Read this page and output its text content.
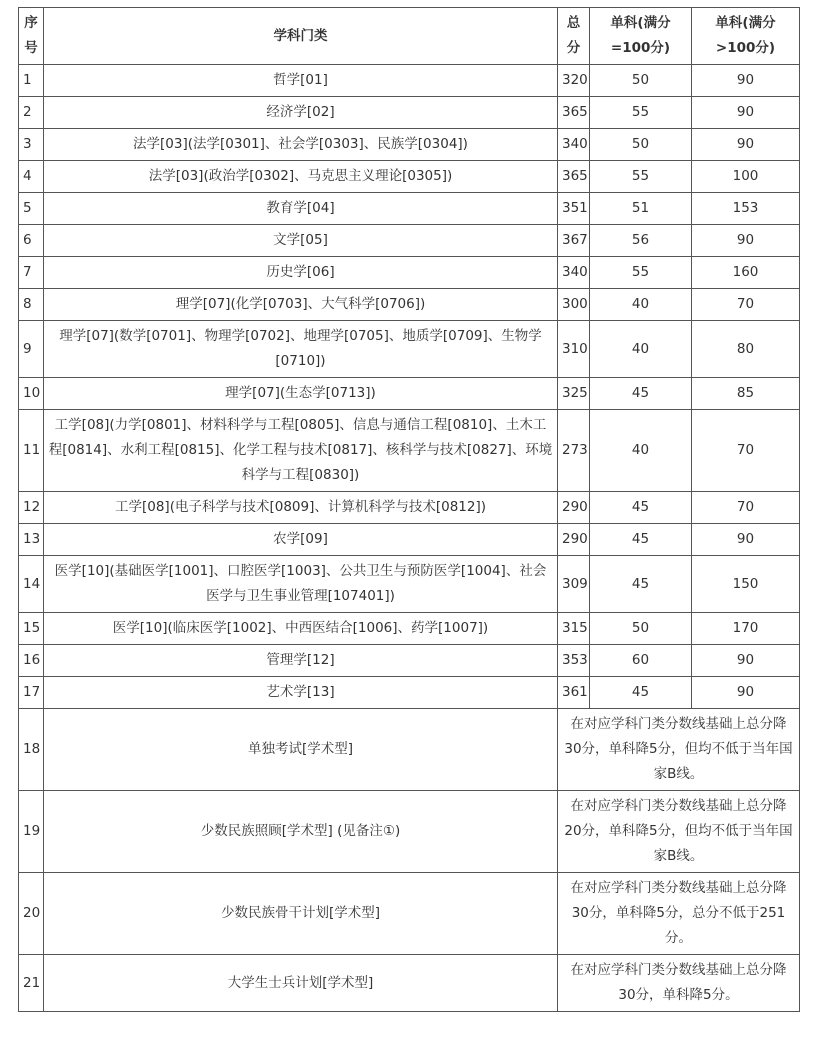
序号	学科门类	总分	单科(满分=100分)	单科(满分>100分)
1	哲学[01]	320	50	90
2	经济学[02]	365	55	90
3	法学[03](法学[0301]、社会学[0303]、民族学[0304])	340	50	90
4	法学[03](政治学[0302]、马克思主义理论[0305])	365	55	100
5	教育学[04]	351	51	153
6	文学[05]	367	56	90
7	历史学[06]	340	55	160
8	理学[07](化学[0703]、大气科学[0706])	300	40	70
9	理学[07](数学[0701]、物理学[0702]、地理学[0705]、地质学[0709]、生物学[0710])	310	40	80
10	理学[07](生态学[0713])	325	45	85
11	工学[08](力学[0801]、材料科学与工程[0805]、信息与通信工程[0810]、土木工程[0814]、水利工程[0815]、化学工程与技术[0817]、核科学与技术[0827]、环境科学与工程[0830])	273	40	70
12	工学[08](电子科学与技术[0809]、计算机科学与技术[0812])	290	45	70
13	农学[09]	290	45	90
14	医学[10](基础医学[1001]、口腔医学[1003]、公共卫生与预防医学[1004]、社会医学与卫生事业管理[107401])	309	45	150
15	医学[10](临床医学[1002]、中西医结合[1006]、药学[1007])	315	50	170
16	管理学[12]	353	60	90
17	艺术学[13]	361	45	90
18	单独考试[学术型]	在对应学科门类分数线基础上总分降30分，单科降5分，但均不低于当年国家B线。		
19	少数民族照顾[学术型] (见备注①)	在对应学科门类分数线基础上总分降20分，单科降5分，但均不低于当年国家B线。		
20	少数民族骨干计划[学术型]	在对应学科门类分数线基础上总分降30分，单科降5分，总分不低于251分。		
21	大学生士兵计划[学术型]	在对应学科门类分数线基础上总分降30分，单科降5分。		
